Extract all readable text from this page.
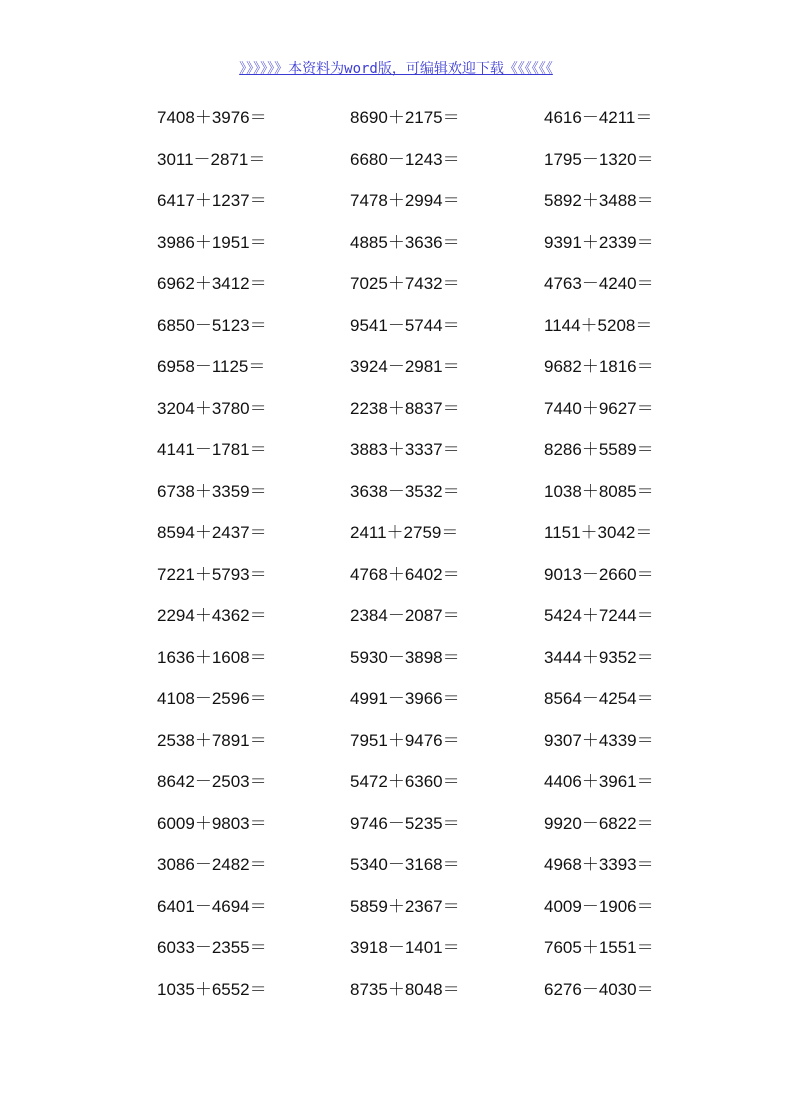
》》》》》》本资料为word版，可编辑欢迎下载《《《《《《
7408＋3976＝	8690＋2175＝	4616－4211＝
3011－2871＝	6680－1243＝	1795－1320＝
6417＋1237＝	7478＋2994＝	5892＋3488＝
3986＋1951＝	4885＋3636＝	9391＋2339＝
6962＋3412＝	7025＋7432＝	4763－4240＝
6850－5123＝	9541－5744＝	1144＋5208＝
6958－1125＝	3924－2981＝	9682＋1816＝
3204＋3780＝	2238＋8837＝	7440＋9627＝
4141－1781＝	3883＋3337＝	8286＋5589＝
6738＋3359＝	3638－3532＝	1038＋8085＝
8594＋2437＝	2411＋2759＝	1151＋3042＝
7221＋5793＝	4768＋6402＝	9013－2660＝
2294＋4362＝	2384－2087＝	5424＋7244＝
1636＋1608＝	5930－3898＝	3444＋9352＝
4108－2596＝	4991－3966＝	8564－4254＝
2538＋7891＝	7951＋9476＝	9307＋4339＝
8642－2503＝	5472＋6360＝	4406＋3961＝
6009＋9803＝	9746－5235＝	9920－6822＝
3086－2482＝	5340－3168＝	4968＋3393＝
6401－4694＝	5859＋2367＝	4009－1906＝
6033－2355＝	3918－1401＝	7605＋1551＝
1035＋6552＝	8735＋8048＝	6276－4030＝
